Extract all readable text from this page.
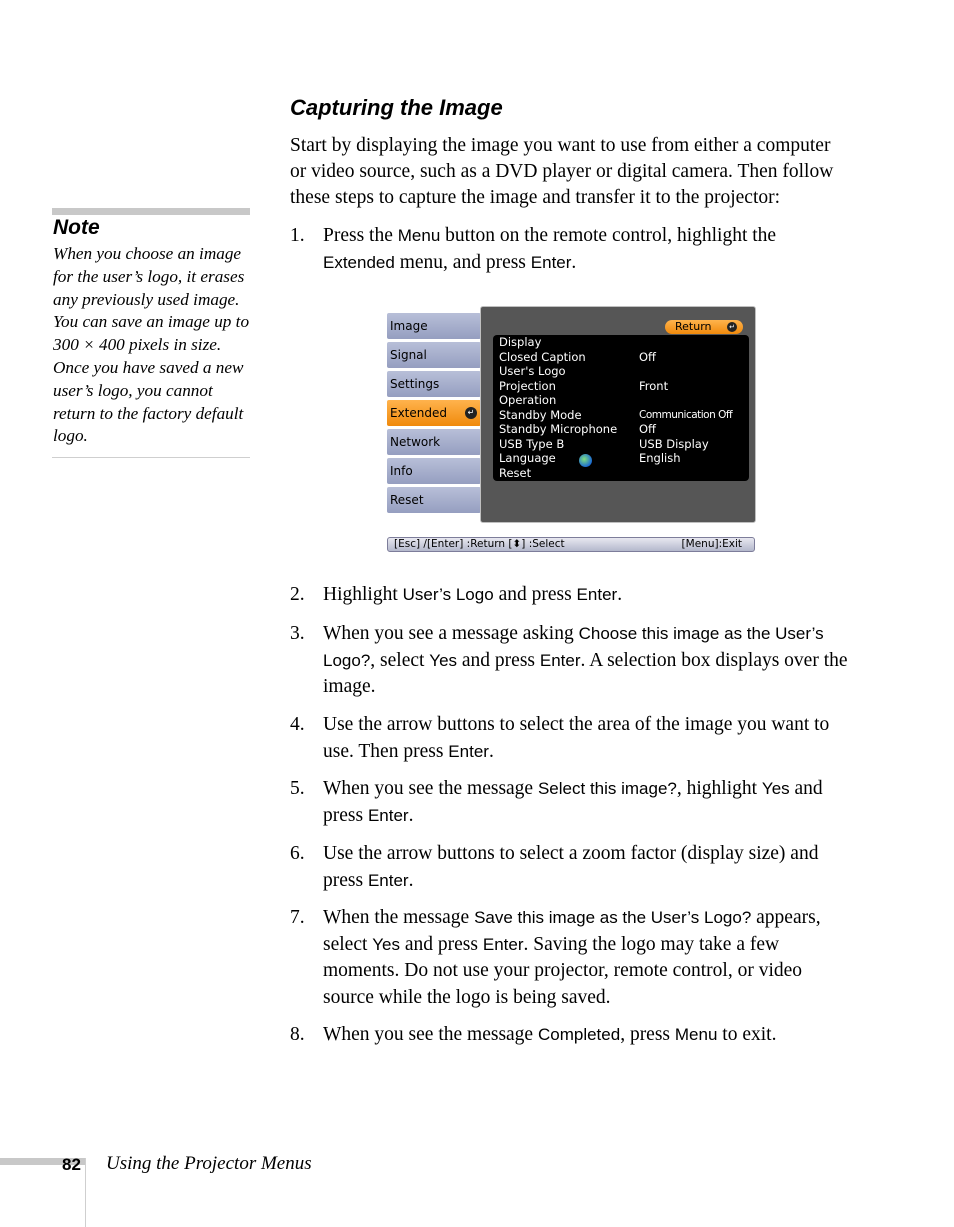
Note

When you choose an image for the user’s logo, it erases any previously used image. You can save an image up to 300 × 400 pixels in size. Once you have saved a new user’s logo, you cannot return to the factory default logo.

Capturing the Image

Start by displaying the image you want to use from either a computer or video source, such as a DVD player or digital camera. Then follow these steps to capture the image and transfer it to the projector:

1. Press the Menu button on the remote control, highlight the Extended menu, and press Enter.
2. Highlight User’s Logo and press Enter.
3. When you see a message asking Choose this image as the User’s Logo?, select Yes and press Enter. A selection box displays over the image.
4. Use the arrow buttons to select the area of the image you want to use. Then press Enter.
5. When you see the message Select this image?, highlight Yes and press Enter.
6. Use the arrow buttons to select a zoom factor (display size) and press Enter.
7. When the message Save this image as the User’s Logo? appears, select Yes and press Enter. Saving the logo may take a few moments. Do not use your projector, remote control, or video source while the logo is being saved.
8. When you see the message Completed, press Menu to exit.
Image
Signal
Settings
Extended	↵
Network
Info
Reset
Return	↵
Display
Closed Caption	Off
User's Logo
Projection	Front
Operation
Standby Mode	Communication Off
Standby Microphone Off
USB Type B	USB Display
Language	English
Reset
[Esc] /[Enter] :Return [⬍] :Select	[Menu]:Exit
82 Using the Projector Menus
